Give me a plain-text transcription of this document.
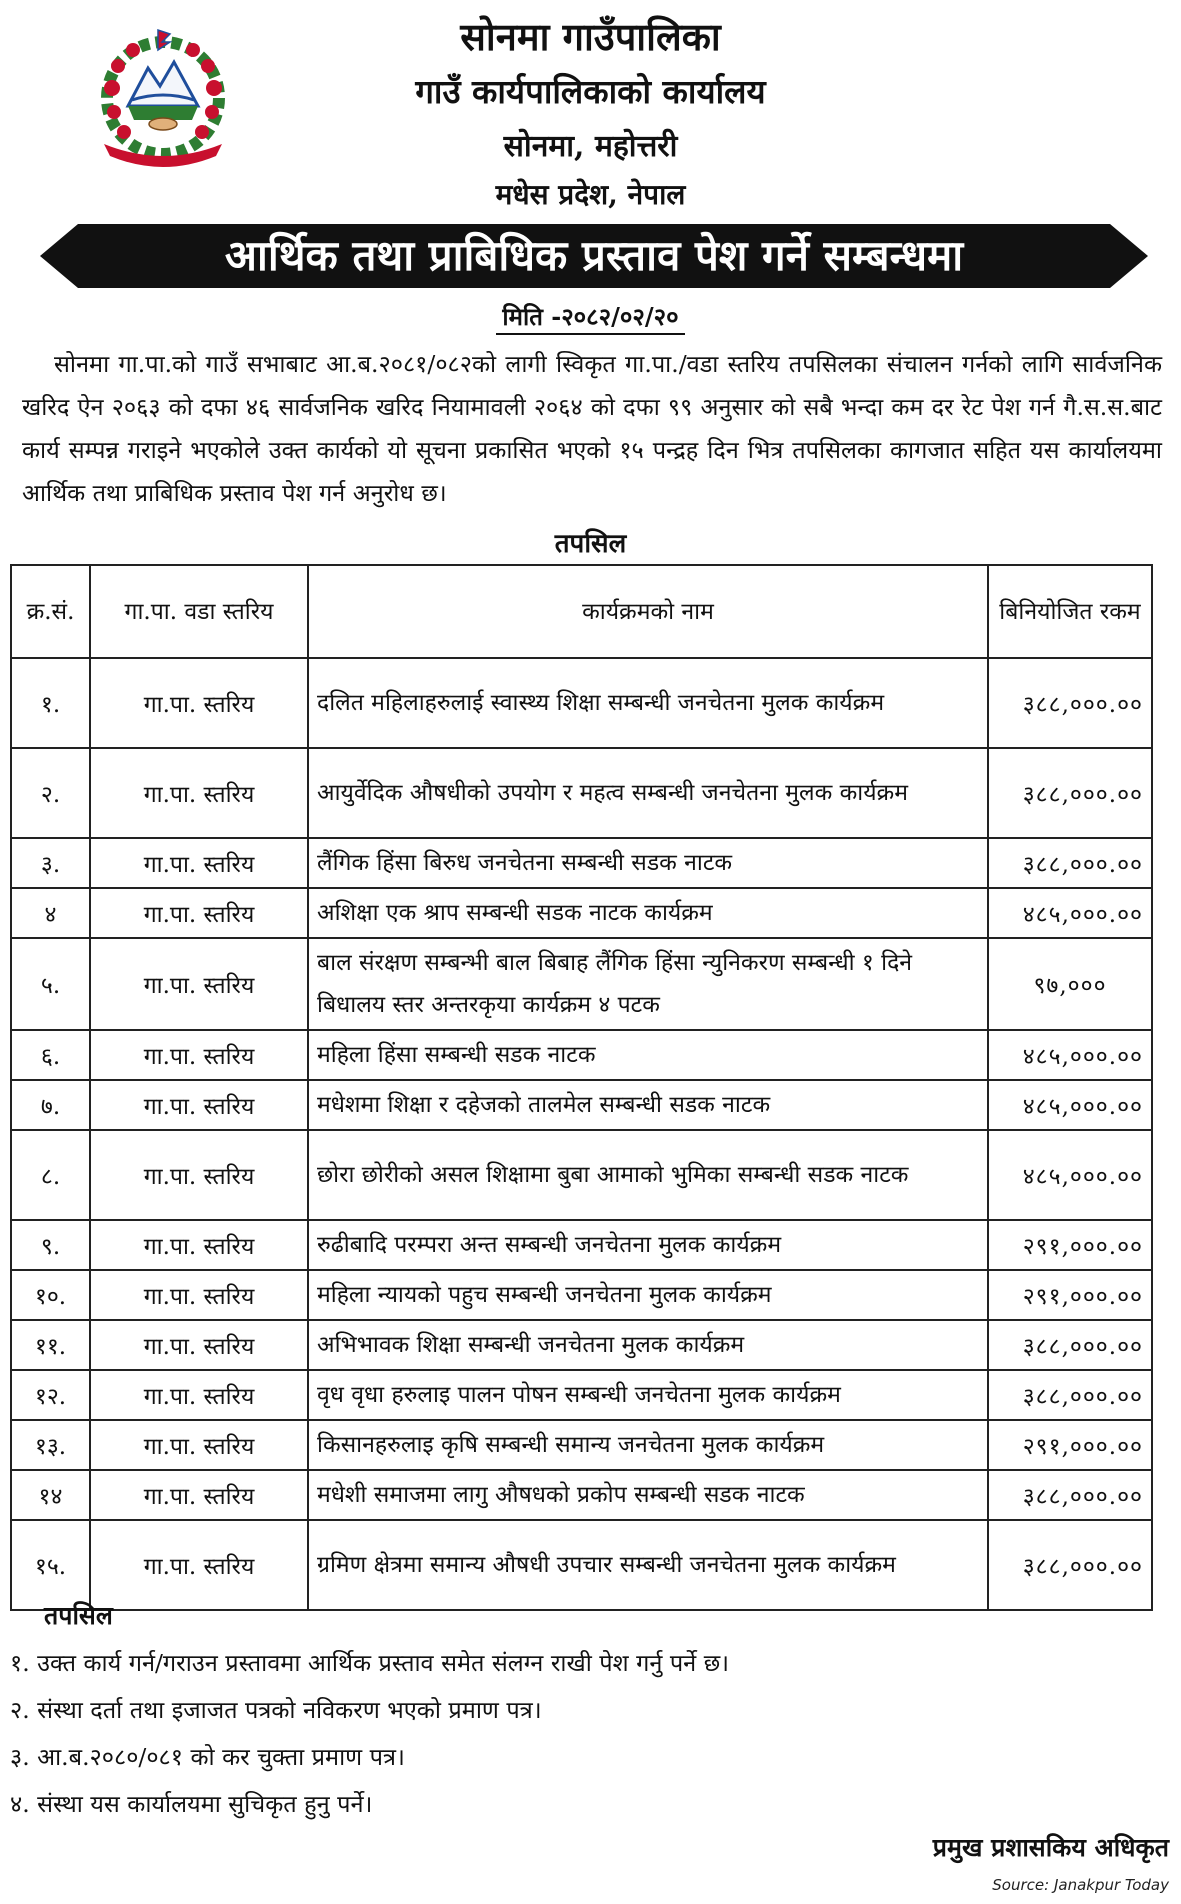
सोनमा गाउँपालिका
गाउँ कार्यपालिकाको कार्यालय
सोनमा, महोत्तरी
मधेस प्रदेश, नेपाल
आर्थिक तथा प्राबिधिक प्रस्ताव पेश गर्ने सम्बन्धमा
मिति -२०८२/०२/२०

सोनमा गा.पा.को गाउँ सभाबाट आ.ब.२०८१/०८२को लागी स्विकृत गा.पा./वडा स्तरिय तपसिलका संचालन गर्नको लागि सार्वजनिक खरिद ऐन २०६३ को दफा ४६ सार्वजनिक खरिद नियामावली २०६४ को दफा ९९ अनुसार को सबै भन्दा कम दर रेट पेश गर्न गै.स.स.बाट कार्य सम्पन्न गराइने भएकोले उक्त कार्यको यो सूचना प्रकासित भएको १५ पन्द्रह दिन भित्र तपसिलका कागजात सहित यस कार्यालयमा आर्थिक तथा प्राबिधिक प्रस्ताव पेश गर्न अनुरोध छ।

तपसिल
क्र.सं.	गा.पा. वडा स्तरिय	कार्यक्रमको नाम	बिनियोजित रकम
१.	गा.पा. स्तरिय	दलित महिलाहरुलाई स्वास्थ्य शिक्षा सम्बन्धी जनचेतना मुलक कार्यक्रम	३८८,०००.००
२.	गा.पा. स्तरिय	आयुर्वेदिक औषधीको उपयोग र महत्व सम्बन्धी जनचेतना मुलक कार्यक्रम	३८८,०००.००
३.	गा.पा. स्तरिय	लैंगिक हिंसा बिरुध जनचेतना सम्बन्धी सडक नाटक	३८८,०००.००
४	गा.पा. स्तरिय	अशिक्षा एक श्राप सम्बन्धी सडक नाटक कार्यक्रम	४८५,०००.००
५.	गा.पा. स्तरिय	बाल संरक्षण सम्बन्भी बाल बिबाह लैंगिक हिंसा न्युनिकरण सम्बन्धी १ दिने बिधालय स्तर अन्तरकृया कार्यक्रम ४ पटक	९७,०००
६.	गा.पा. स्तरिय	महिला हिंसा सम्बन्धी सडक नाटक	४८५,०००.००
७.	गा.पा. स्तरिय	मधेशमा शिक्षा र दहेजको तालमेल सम्बन्धी सडक नाटक	४८५,०००.००
८.	गा.पा. स्तरिय	छोरा छोरीको असल शिक्षामा बुबा आमाको भुमिका सम्बन्धी सडक नाटक	४८५,०००.००
९.	गा.पा. स्तरिय	रुढीबादि परम्परा अन्त सम्बन्धी जनचेतना मुलक कार्यक्रम	२९१,०००.००
१०.	गा.पा. स्तरिय	महिला न्यायको पहुच सम्बन्धी जनचेतना मुलक कार्यक्रम	२९१,०००.००
११.	गा.पा. स्तरिय	अभिभावक शिक्षा सम्बन्धी जनचेतना मुलक कार्यक्रम	३८८,०००.००
१२.	गा.पा. स्तरिय	वृध वृधा हरुलाइ पालन पोषन सम्बन्धी जनचेतना मुलक कार्यक्रम	३८८,०००.००
१३.	गा.पा. स्तरिय	किसानहरुलाइ कृषि सम्बन्धी समान्य जनचेतना मुलक कार्यक्रम	२९१,०००.००
१४	गा.पा. स्तरिय	मधेशी समाजमा लागु औषधको प्रकोप सम्बन्धी सडक नाटक	३८८,०००.००
१५.	गा.पा. स्तरिय	ग्रमिण क्षेत्रमा समान्य औषधी उपचार सम्बन्धी जनचेतना मुलक कार्यक्रम	३८८,०००.००
तपसिल
१. उक्त कार्य गर्न/गराउन प्रस्तावमा आर्थिक प्रस्ताव समेत संलग्न राखी पेश गर्नु पर्ने छ।
२. संस्था दर्ता तथा इजाजत पत्रको नविकरण भएको प्रमाण पत्र।
३. आ.ब.२०८०/०८१ को कर चुक्ता प्रमाण पत्र।
४. संस्था यस कार्यालयमा सुचिकृत हुनु पर्ने।
प्रमुख प्रशासकिय अधिकृत
Source: Janakpur Today
